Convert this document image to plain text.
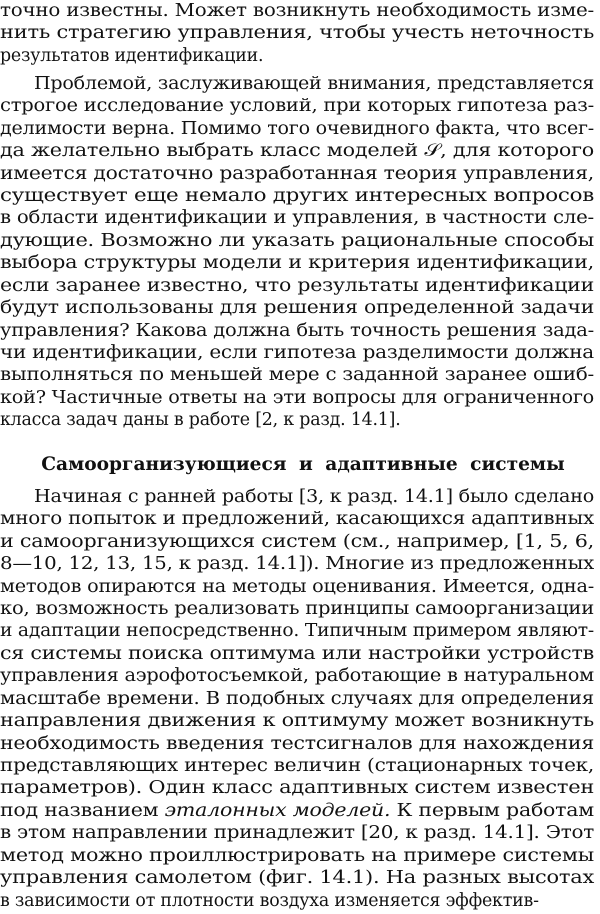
точно известны. Может возникнуть необходимость изме-
нить стратегию управления, чтобы учесть неточность
результатов идентификации.
Проблемой, заслуживающей внимания, представляется
строгое исследование условий, при которых гипотеза раз-
делимости верна. Помимо того очевидного факта, что всег-
да желательно выбрать класс моделей 𝒮, для которого
имеется достаточно разработанная теория управления,
существует еще немало других интересных вопросов
в области идентификации и управления, в частности сле-
дующие. Возможно ли указать рациональные способы
выбора структуры модели и критерия идентификации,
если заранее известно, что результаты идентификации
будут использованы для решения определенной задачи
управления? Какова должна быть точность решения зада-
чи идентификации, если гипотеза разделимости должна
выполняться по меньшей мере с заданной заранее ошиб-
кой? Частичные ответы на эти вопросы для ограниченного
класса задач даны в работе [2, к разд. 14.1].
Самоорганизующиеся и адаптивные системы
Начиная с ранней работы [3, к разд. 14.1] было сделано
много попыток и предложений, касающихся адаптивных
и самоорганизующихся систем (см., например, [1, 5, 6,
8—10, 12, 13, 15, к разд. 14.1]). Многие из предложенных
методов опираются на методы оценивания. Имеется, одна-
ко, возможность реализовать принципы самоорганизации
и адаптации непосредственно. Типичным примером являют-
ся системы поиска оптимума или настройки устройств
управления аэрофотосъемкой, работающие в натуральном
масштабе времени. В подобных случаях для определения
направления движения к оптимуму может возникнуть
необходимость введения тестсигналов для нахождения
представляющих интерес величин (стационарных точек,
параметров). Один класс адаптивных систем известен
под названием эталонных моделей. К первым работам
в этом направлении принадлежит [20, к разд. 14.1]. Этот
метод можно проиллюстрировать на примере системы
управления самолетом (фиг. 14.1). На разных высотах
в зависимости от плотности воздуха изменяется эффектив-
